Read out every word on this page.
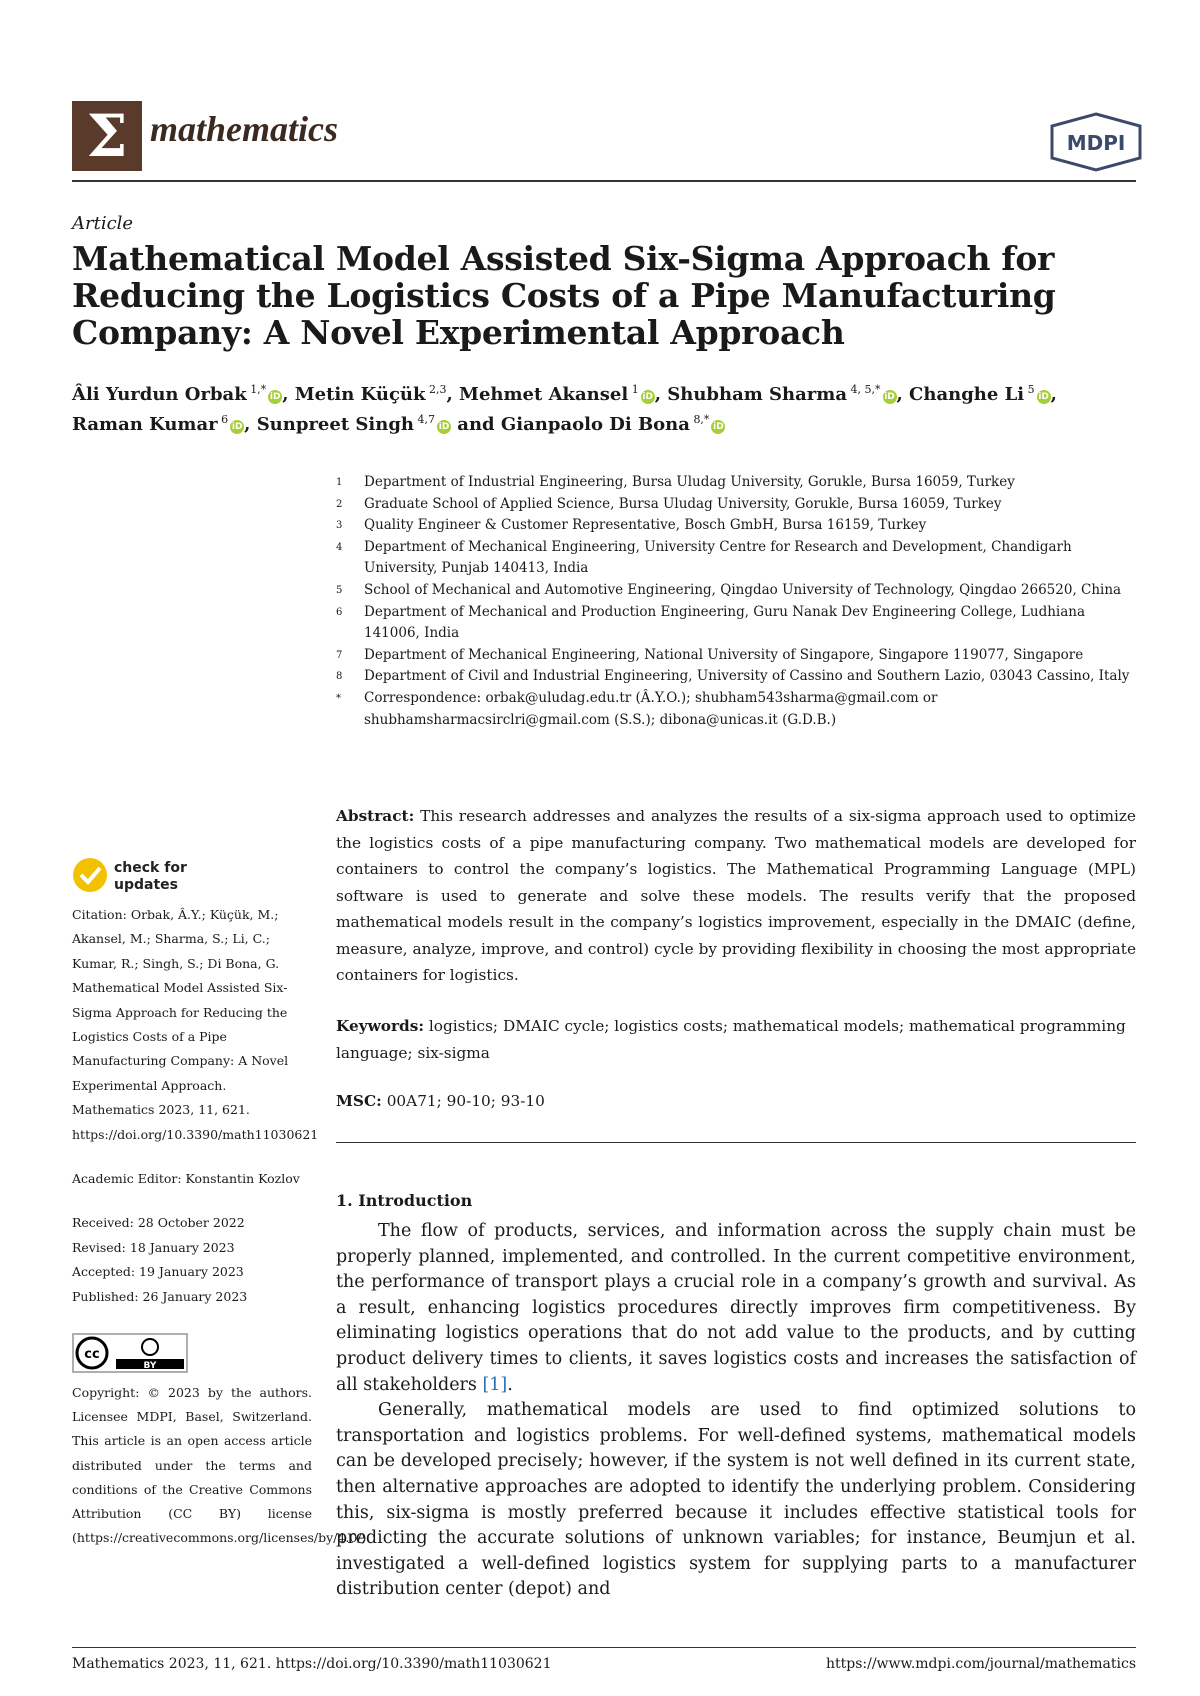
Σ mathematics	MDPI
Article
Mathematical Model Assisted Six-Sigma Approach for Reducing the Logistics Costs of a Pipe Manufacturing Company: A Novel Experimental Approach
Âli Yurdun Orbak $^{1,*}$iD, Metin Küçük $^{2,3}$, Mehmet Akansel $^1$iD, Shubham Sharma $^{4, 5,*}$iD, Changhe Li $^5$iD,
Raman Kumar $^6$iD, Sunpreet Singh $^{4,7}$iD and Gianpaolo Di Bona $^{8,*}$iD
1	Department of Industrial Engineering, Bursa Uludag University, Gorukle, Bursa 16059, Turkey
2	Graduate School of Applied Science, Bursa Uludag University, Gorukle, Bursa 16059, Turkey
3	Quality Engineer & Customer Representative, Bosch GmbH, Bursa 16159, Turkey
4	Department of Mechanical Engineering, University Centre for Research and Development, Chandigarh University, Punjab 140413, India
5	School of Mechanical and Automotive Engineering, Qingdao University of Technology, Qingdao 266520, China
6	Department of Mechanical and Production Engineering, Guru Nanak Dev Engineering College, Ludhiana 141006, India
7	Department of Mechanical Engineering, National University of Singapore, Singapore 119077, Singapore
8	Department of Civil and Industrial Engineering, University of Cassino and Southern Lazio, 03043 Cassino, Italy
*	Correspondence: orbak@uludag.edu.tr (Â.Y.O.); shubham543sharma@gmail.com or shubhamsharmacsirclri@gmail.com (S.S.); dibona@unicas.it (G.D.B.)
check for
updates

Citation: Orbak, Â.Y.; Küçük, M.; Akansel, M.; Sharma, S.; Li, C.; Kumar, R.; Singh, S.; Di Bona, G. Mathematical Model Assisted Six-Sigma Approach for Reducing the Logistics Costs of a Pipe Manufacturing Company: A Novel Experimental Approach. Mathematics 2023, 11, 621. https://doi.org/10.3390/math11030621

Academic Editor: Konstantin Kozlov

Received: 28 October 2022

Revised: 18 January 2023

Accepted: 19 January 2023

Published: 26 January 2023

cc
BY
Copyright: © 2023 by the authors. Licensee MDPI, Basel, Switzerland. This article is an open access article distributed under the terms and conditions of the Creative Commons Attribution (CC BY) license (https://creativecommons.org/licenses/by/4.0/).
Abstract: This research addresses and analyzes the results of a six-sigma approach used to optimize the logistics costs of a pipe manufacturing company. Two mathematical models are developed for containers to control the company’s logistics. The Mathematical Programming Language (MPL) software is used to generate and solve these models. The results verify that the proposed mathematical models result in the company’s logistics improvement, especially in the DMAIC (define, measure, analyze, improve, and control) cycle by providing flexibility in choosing the most appropriate containers for logistics.
Keywords: logistics; DMAIC cycle; logistics costs; mathematical models; mathematical programming language; six-sigma
MSC: 00A71; 90-10; 93-10
1. Introduction

The flow of products, services, and information across the supply chain must be properly planned, implemented, and controlled. In the current competitive environment, the performance of transport plays a crucial role in a company’s growth and survival. As a result, enhancing logistics procedures directly improves firm competitiveness. By eliminating logistics operations that do not add value to the products, and by cutting product delivery times to clients, it saves logistics costs and increases the satisfaction of all stakeholders [1].

Generally, mathematical models are used to find optimized solutions to transportation and logistics problems. For well-defined systems, mathematical models can be developed precisely; however, if the system is not well defined in its current state, then alternative approaches are adopted to identify the underlying problem. Considering this, six-sigma is mostly preferred because it includes effective statistical tools for predicting the accurate solutions of unknown variables; for instance, Beumjun et al. investigated a well-defined logistics system for supplying parts to a manufacturer distribution center (depot) and

Mathematics 2023, 11, 621. https://doi.org/10.3390/math11030621	https://www.mdpi.com/journal/mathematics
